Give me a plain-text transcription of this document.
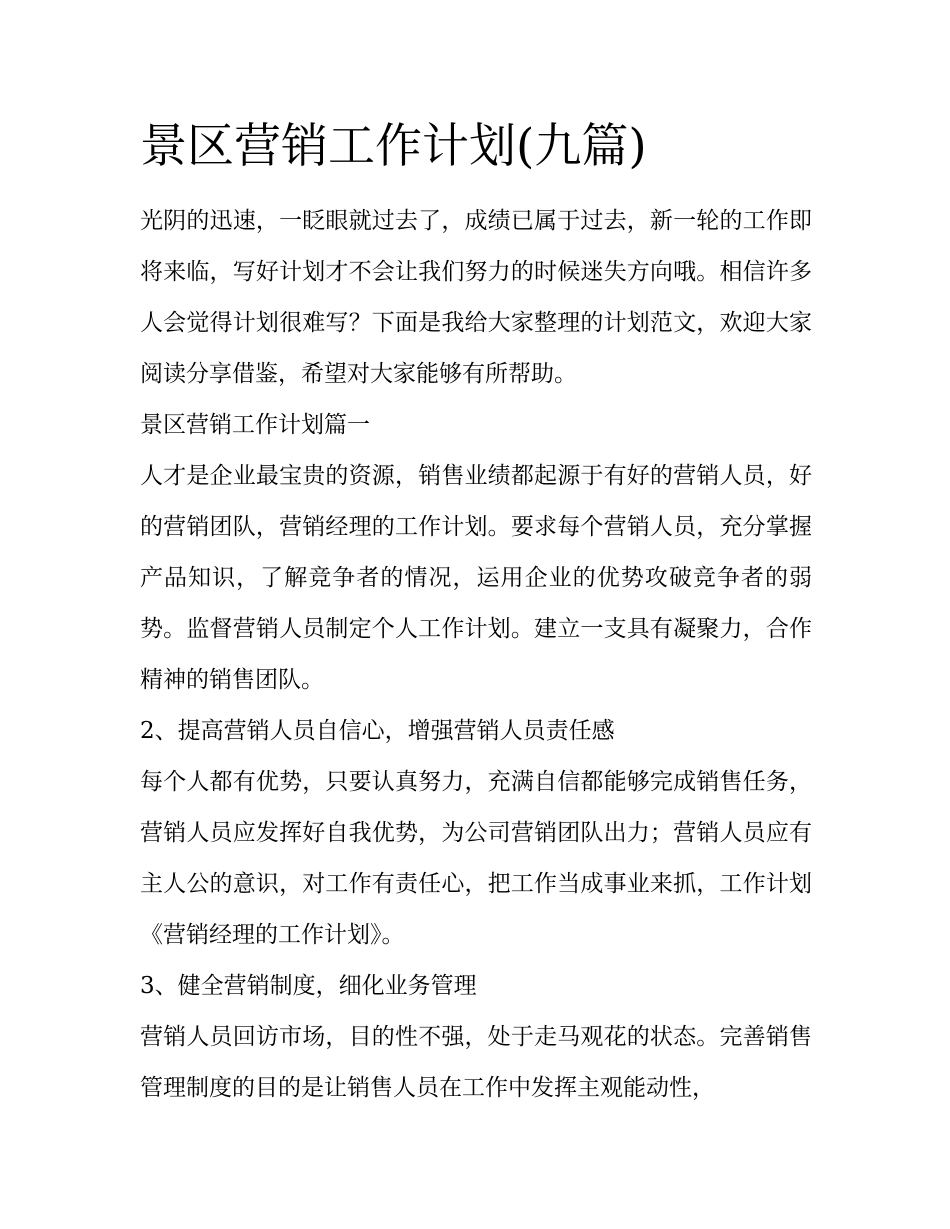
景区营销工作计划(九篇)

光阴的迅速，一眨眼就过去了，成绩已属于过去，新一轮的工作即将来临，写好计划才不会让我们努力的时候迷失方向哦。相信许多人会觉得计划很难写？下面是我给大家整理的计划范文，欢迎大家阅读分享借鉴，希望对大家能够有所帮助。

景区营销工作计划篇一

人才是企业最宝贵的资源，销售业绩都起源于有好的营销人员，好的营销团队，营销经理的工作计划。要求每个营销人员，充分掌握产品知识，了解竞争者的情况，运用企业的优势攻破竞争者的弱势。监督营销人员制定个人工作计划。建立一支具有凝聚力，合作精神的销售团队。

2、提高营销人员自信心，增强营销人员责任感

每个人都有优势，只要认真努力，充满自信都能够完成销售任务，营销人员应发挥好自我优势，为公司营销团队出力；营销人员应有主人公的意识，对工作有责任心，把工作当成事业来抓，工作计划《营销经理的工作计划》。

3、健全营销制度，细化业务管理

营销人员回访市场，目的性不强，处于走马观花的状态。完善销售管理制度的目的是让销售人员在工作中发挥主观能动性，
